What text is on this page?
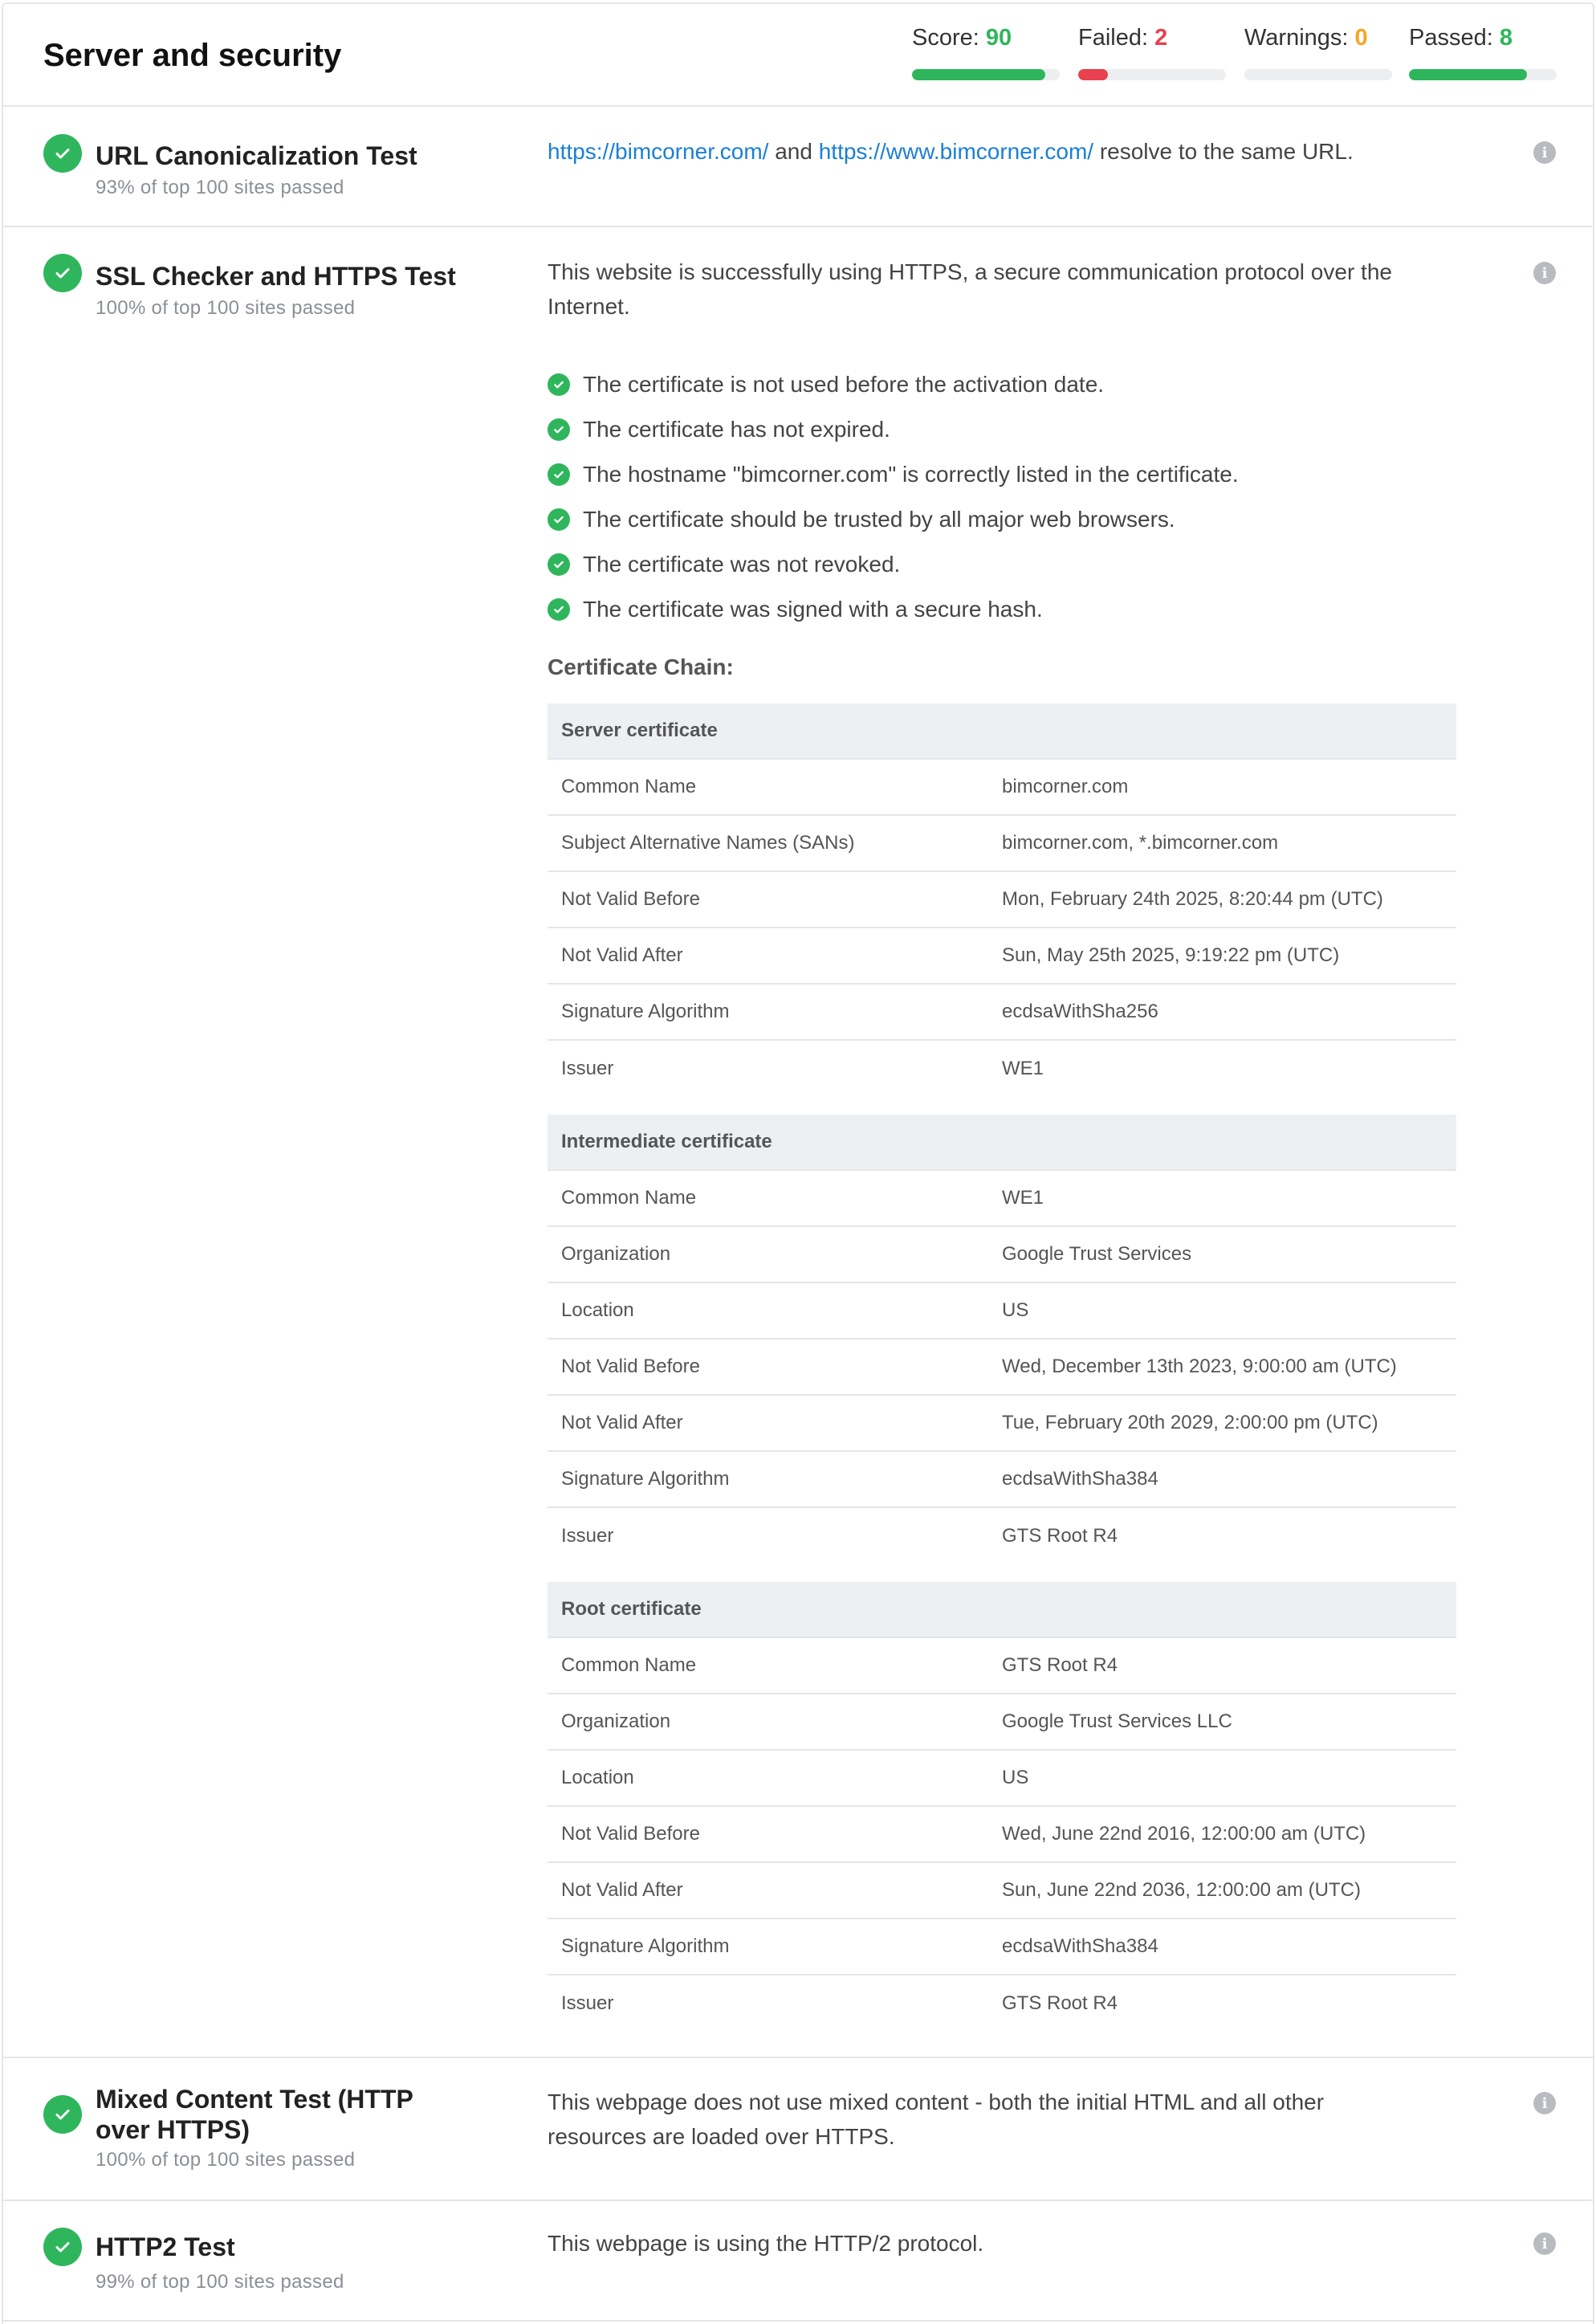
Server and security	Score: 90	Failed: 2	Warnings: 0 Passed: 8
URL Canonicalization Test
93% of top 100 sites passed
https://bimcorner.com/ and https://www.bimcorner.com/ resolve to the same URL.	i
SSL Checker and HTTPS Test
100% of top 100 sites passed
This website is successfully using HTTPS, a secure communication protocol over the Internet.
i
The certificate is not used before the activation date.
The certificate has not expired.
The hostname "bimcorner.com" is correctly listed in the certificate.
The certificate should be trusted by all major web browsers.
The certificate was not revoked.
The certificate was signed with a secure hash.
Certificate Chain:
Server certificate
Common Name	bimcorner.com
Subject Alternative Names (SANs)	bimcorner.com, *.bimcorner.com
Not Valid Before	Mon, February 24th 2025, 8:20:44 pm (UTC)
Not Valid After	Sun, May 25th 2025, 9:19:22 pm (UTC)
Signature Algorithm	ecdsaWithSha256
Issuer	WE1
Intermediate certificate
Common Name	WE1
Organization	Google Trust Services
Location	US
Not Valid Before	Wed, December 13th 2023, 9:00:00 am (UTC)
Not Valid After	Tue, February 20th 2029, 2:00:00 pm (UTC)
Signature Algorithm	ecdsaWithSha384
Issuer	GTS Root R4
Root certificate
Common Name	GTS Root R4
Organization	Google Trust Services LLC
Location	US
Not Valid Before	Wed, June 22nd 2016, 12:00:00 am (UTC)
Not Valid After	Sun, June 22nd 2036, 12:00:00 am (UTC)
Signature Algorithm	ecdsaWithSha384
Issuer	GTS Root R4
Mixed Content Test (HTTP over HTTPS)
100% of top 100 sites passed
This webpage does not use mixed content - both the initial HTML and all other resources are loaded over HTTPS.
i
HTTP2 Test
99% of top 100 sites passed
This webpage is using the HTTP/2 protocol.	i
